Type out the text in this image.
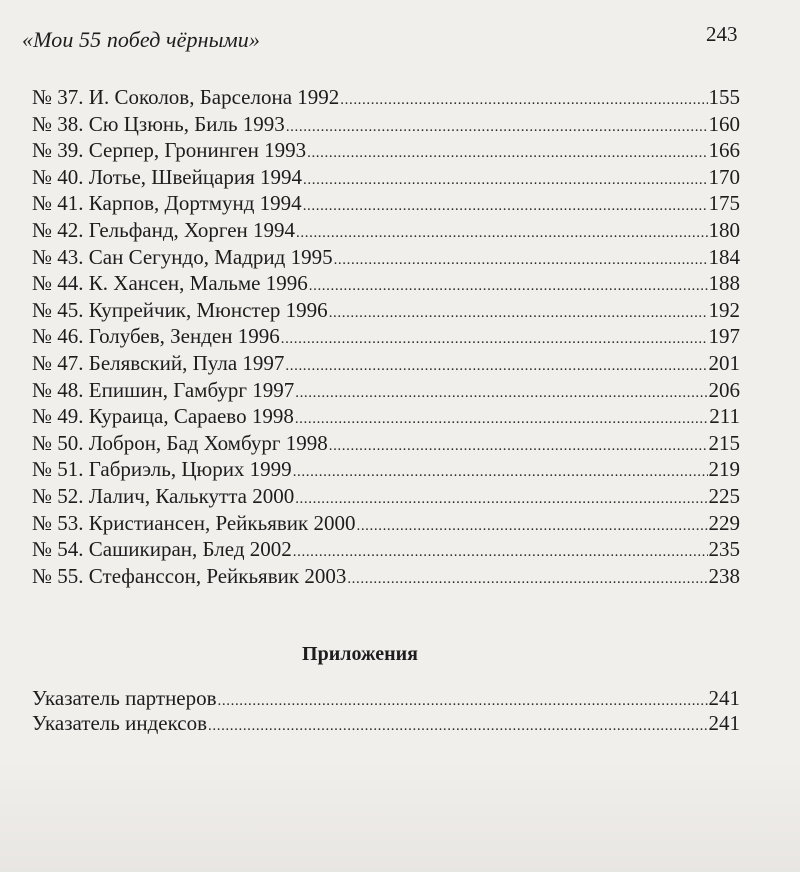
«Мои 55 побед чёрными»	243
№ 37. И. Соколов, Барселона 1992 .....	155
№ 38. Сю Цзюнь, Биль 1993 .....	160
№ 39. Серпер, Гронинген 1993 .....	166
№ 40. Лотье, Швейцария 1994 .....	170
№ 41. Карпов, Дортмунд 1994 .....	175
№ 42. Гельфанд, Хорген 1994 .....	180
№ 43. Сан Сегундо, Мадрид 1995 .....	184
№ 44. К. Хансен, Мальме 1996 .....	188
№ 45. Купрейчик, Мюнстер 1996 .....	192
№ 46. Голубев, Зенден 1996 .....	197
№ 47. Белявский, Пула 1997 .....	201
№ 48. Епишин, Гамбург 1997 .....	206
№ 49. Кураица, Сараево 1998 .....	211
№ 50. Лоброн, Бад Хомбург 1998 .....	215
№ 51. Габриэль, Цюрих 1999 .....	219
№ 52. Лалич, Калькутта 2000 .....	225
№ 53. Кристиансен, Рейкьявик 2000 .....	229
№ 54. Сашикиран, Блед 2002 .....	235
№ 55. Стефанссон, Рейкьявик 2003 .....	238
Приложения
Указатель партнеров .....	241
Указатель индексов .....	241
